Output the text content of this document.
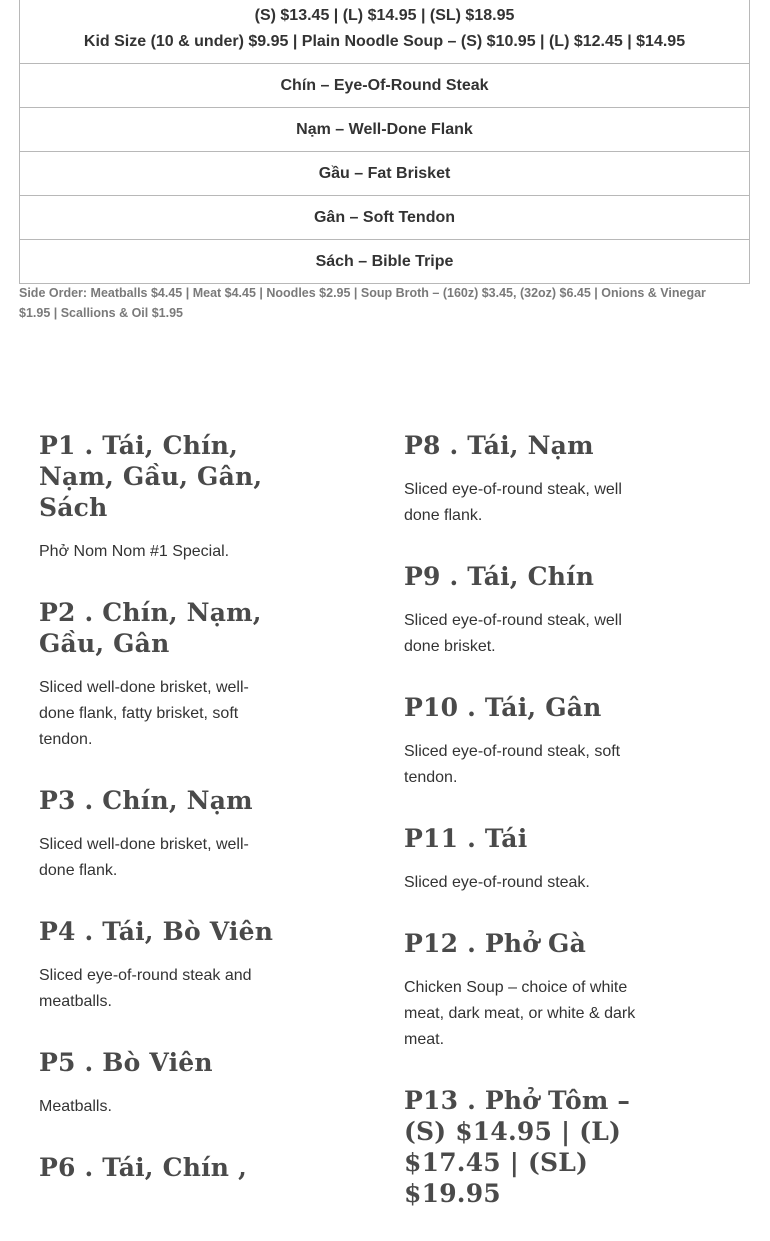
(S) $13.45 | (L) $14.95 | (SL) $18.95
Kid Size (10 & under) $9.95 | Plain Noodle Soup – (S) $10.95 | (L) $12.45 | $14.95

Chín – Eye-Of-Round Steak
Nạm – Well-Done Flank
Gầu – Fat Brisket
Gân – Soft Tendon
Sách – Bible Tripe
Side Order: Meatballs $4.45 | Meat $4.45 | Noodles $2.95 | Soup Broth – (160z) $3.45, (32oz) $6.45 | Onions & Vinegar $1.95 | Scallions & Oil $1.95
P1 . Tái, Chín, Nạm, Gầu, Gân, Sách
Phở Nom Nom #1 Special.
P2 . Chín, Nạm, Gầu, Gân
Sliced well-done brisket, well-done flank, fatty brisket, soft tendon.
P3 . Chín, Nạm
Sliced well-done brisket, well-done flank.
P4 . Tái, Bò Viên
Sliced eye-of-round steak and meatballs.
P5 . Bò Viên
Meatballs.
P6 . Tái, Chín ,
P8 . Tái, Nạm
Sliced eye-of-round steak, well done flank.
P9 . Tái, Chín
Sliced eye-of-round steak, well done brisket.
P10 . Tái, Gân
Sliced eye-of-round steak, soft tendon.
P11 . Tái
Sliced eye-of-round steak.
P12 . Phở Gà
Chicken Soup – choice of white meat, dark meat, or white & dark meat.
P13 . Phở Tôm – (S) $14.95 | (L) $17.45 | (SL) $19.95
